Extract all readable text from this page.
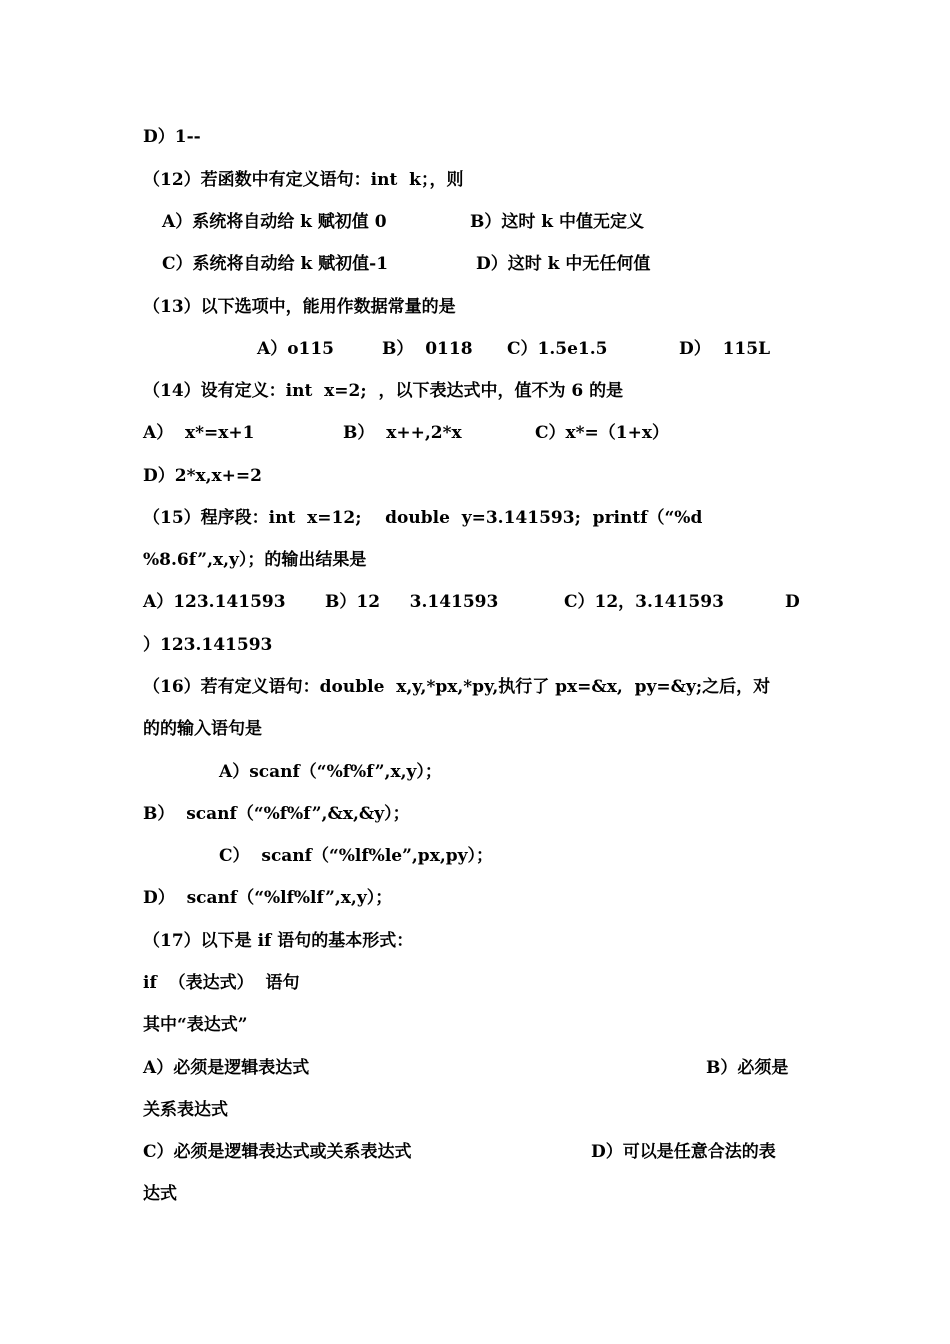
D）1--
（12）若函数中有定义语句：int  k；，则
A）系统将自动给 k 赋初值 0	B）这时 k 中值无定义
C）系统将自动给 k 赋初值-1	D）这时 k 中无任何值
（13）以下选项中，能用作数据常量的是
A）o115	B）  0118 C）1.5e1.5	D）  115L
（14）设有定义：int  x=2;  ，以下表达式中，值不为 6 的是
A）  x*=x+1	B）  x++,2*x	C）x*=（1+x）
D）2*x,x+=2
（15）程序段：int  x=12;    double  y=3.141593;  printf（“%d
%8.6f”,x,y）；的输出结果是
A）123.141593 B）12     3.141593	C）12，3.141593	D
）123.141593
（16）若有定义语句：double  x,y,*px,*py,执行了 px=&x,  py=&y;之后，对
的的输入语句是
A）scanf（“%f%f”,x,y）；
B）  scanf（“%f%f”,&x,&y）；
C）  scanf（“%lf%le”,px,py）；
D）  scanf（“%lf%lf”,x,y）；
（17）以下是 if 语句的基本形式：
if  （表达式）  语句
其中“表达式”
A）必须是逻辑表达式	B）必须是
关系表达式
C）必须是逻辑表达式或关系表达式	D）可以是任意合法的表
达式
